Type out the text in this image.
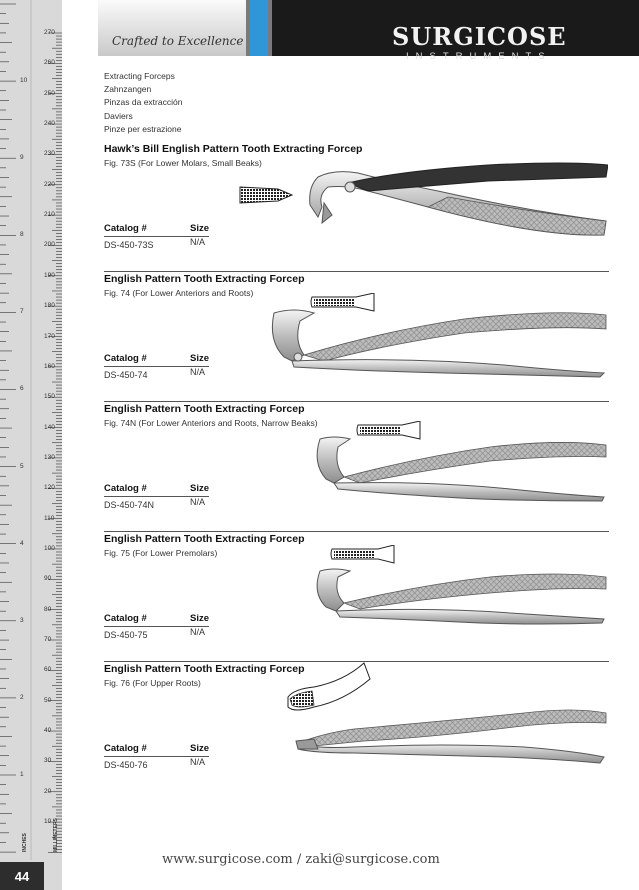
270
260
250
240
230
220
210
200
190
180
170
160
150
140
130
120
110
100
90
80
70
60
50
40
30
20
10
10
9
8
7
6
5
4
3
2
1
INCHES	MILLIMETERS
44
Crafted to Excellence	SURGICOSE
INSTRUMENTS
Extracting Forceps
Zahnzangen
Pinzas da extracción
Daviers
Pinze per estrazione
Hawk’s Bill English Pattern Tooth Extracting Forcep
Fig. 73S (For Lower Molars, Small Beaks)
Catalog #	Size
DS-450-73S	N/A
English Pattern Tooth Extracting Forcep
Fig. 74 (For Lower Anteriors and Roots)
Catalog #	Size
DS-450-74	N/A
English Pattern Tooth Extracting Forcep
Fig. 74N (For Lower Anteriors and Roots, Narrow Beaks)
Catalog #	Size
DS-450-74N	N/A
English Pattern Tooth Extracting Forcep
Fig. 75 (For Lower Premolars)
Catalog #	Size
DS-450-75	N/A
English Pattern Tooth Extracting Forcep
Fig. 76 (For Upper Roots)
Catalog #	Size
DS-450-76	N/A
www.surgicose.com / zaki@surgicose.com
